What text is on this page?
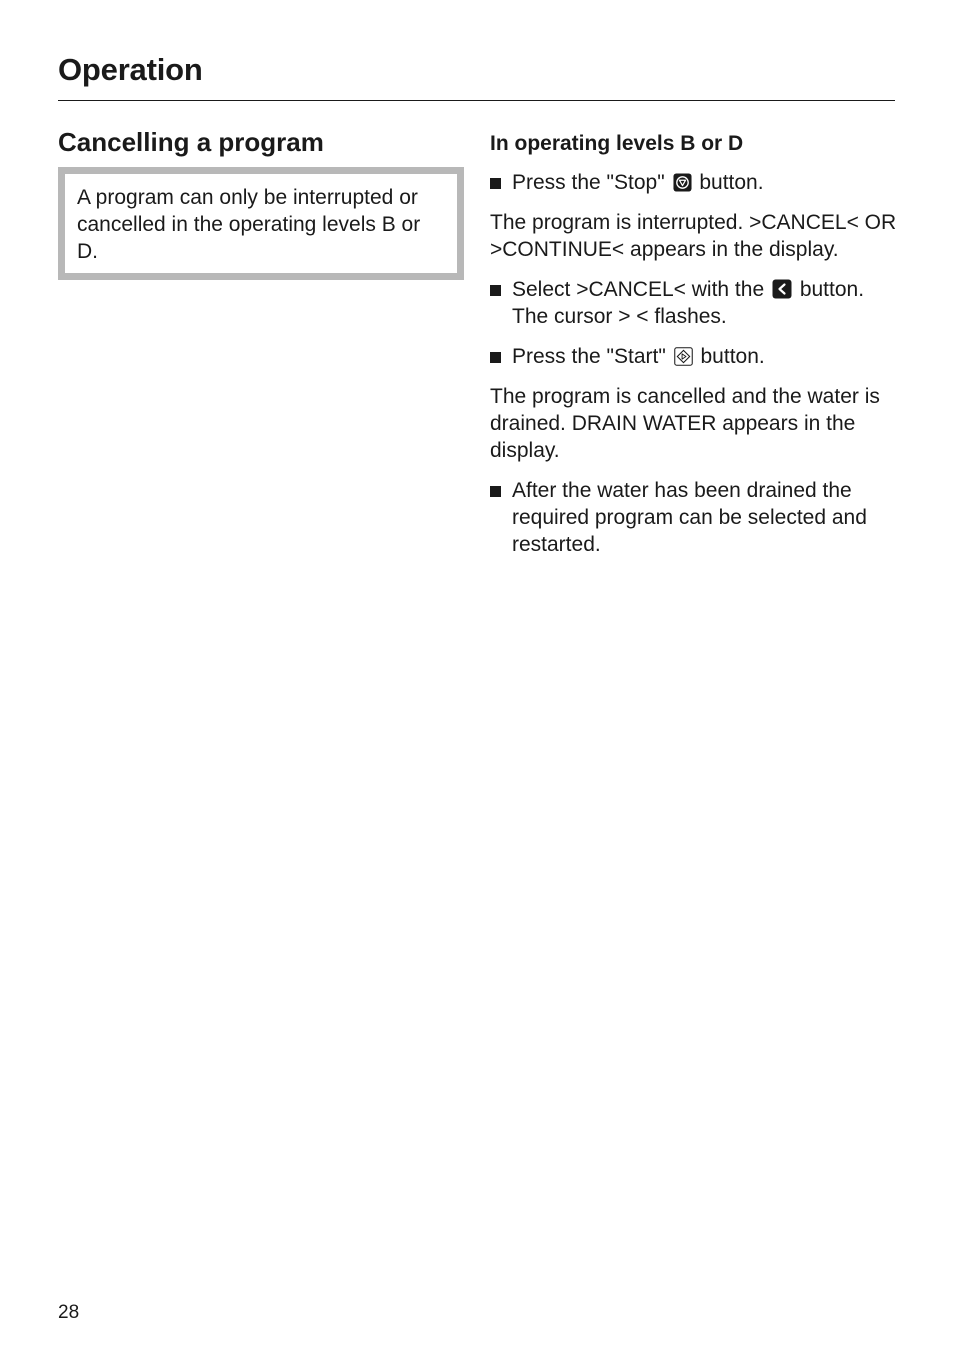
Operation
Cancelling a program
A program can only be interrupted or cancelled in the operating levels B or D.
In operating levels B or D
Press the "Stop" button.

The program is interrupted. >CANCEL< OR >CONTINUE< appears in the display.

Select >CANCEL< with the button. The cursor > < flashes.
Press the "Start" button.

The program is cancelled and the water is drained. DRAIN WATER appears in the display.

After the water has been drained the required program can be selected and restarted.
28
